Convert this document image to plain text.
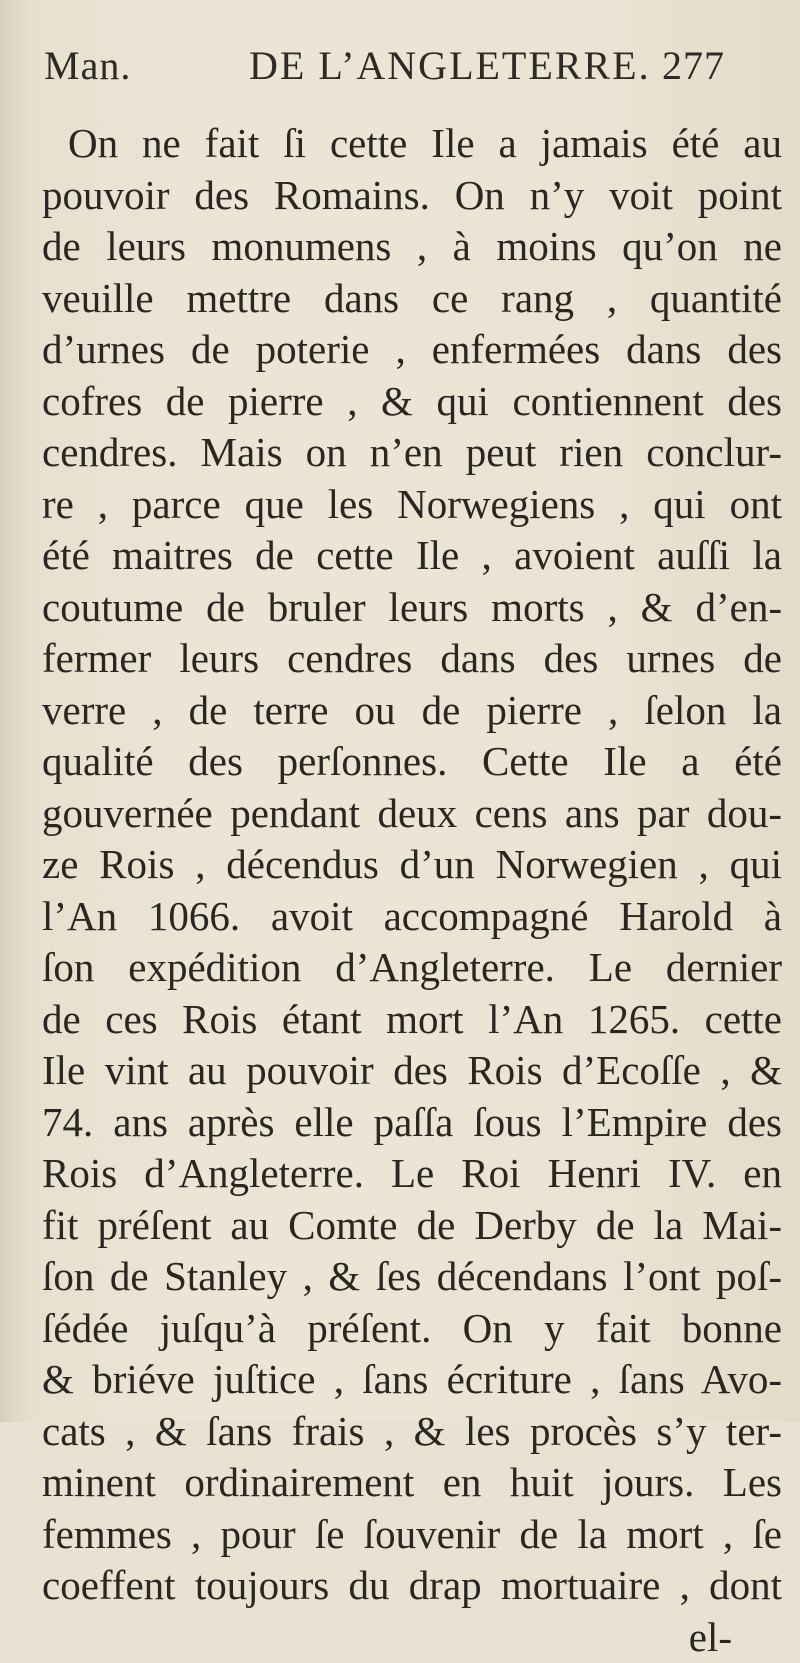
Man.	DE L’ANGLETERRE. 277
On ne fait ſi cette Ile a jamais été au
pouvoir des Romains. On n’y voit point
de leurs monumens , à moins qu’on ne
veuille mettre dans ce rang , quantité
d’urnes de poterie , enfermées dans des
cofres de pierre , & qui contiennent des
cendres. Mais on n’en peut rien conclur-
re , parce que les Norwegiens , qui ont
été maitres de cette Ile , avoient auſſi la
coutume de bruler leurs morts , & d’en-
fermer leurs cendres dans des urnes de
verre , de terre ou de pierre , ſelon la
qualité des perſonnes. Cette Ile a été
gouvernée pendant deux cens ans par dou-
ze Rois , décendus d’un Norwegien , qui
l’An 1066. avoit accompagné Harold à
ſon expédition d’Angleterre. Le dernier
de ces Rois étant mort l’An 1265. cette
Ile vint au pouvoir des Rois d’Ecoſſe , &
74. ans après elle paſſa ſous l’Empire des
Rois d’Angleterre. Le Roi Henri IV. en
fit préſent au Comte de Derby de la Mai-
ſon de Stanley , & ſes décendans l’ont poſ-
ſédée juſqu’à préſent. On y fait bonne
& briéve juſtice , ſans écriture , ſans Avo-
cats , & ſans frais , & les procès s’y ter-
minent ordinairement en huit jours. Les
femmes , pour ſe ſouvenir de la mort , ſe
coeffent toujours du drap mortuaire , dont
el-
